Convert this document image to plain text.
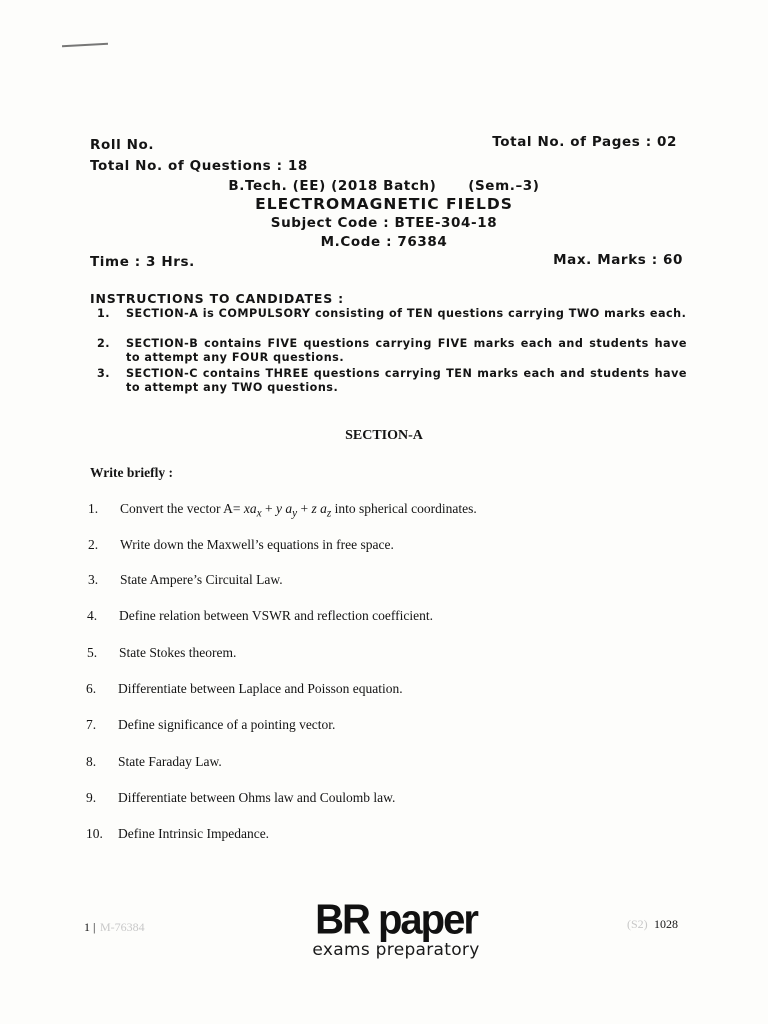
Roll No.	Total No. of Pages : 02
Total No. of Questions : 18
B.Tech. (EE) (2018 Batch)      (Sem.–3)
ELECTROMAGNETIC FIELDS
Subject Code : BTEE-304-18
M.Code : 76384
Time : 3 Hrs.	Max. Marks : 60
INSTRUCTIONS TO CANDIDATES :
1. SECTION-A is COMPULSORY consisting of TEN questions carrying TWO marks each.
2. SECTION-B contains FIVE questions carrying FIVE marks each and students have to attempt any FOUR questions.
3. SECTION-C contains THREE questions carrying TEN marks each and students have to attempt any TWO questions.
SECTION-A
Write briefly :
1. Convert the vector $A= xa_x + y$ $a_y + z$ $a_z$ into spherical coordinates.
2. Write down the Maxwell’s equations in free space.
3. State Ampere’s Circuital Law.
4. Define relation between VSWR and reflection coefficient.
5. State Stokes theorem.
6. Differentiate between Laplace and Poisson equation.
7. Define significance of a pointing vector.
8. State Faraday Law.
9. Differentiate between Ohms law and Coulomb law.
10. Define Intrinsic Impedance.
1 | M-76384	BR paper
exams preparatory
(S2) 1028
